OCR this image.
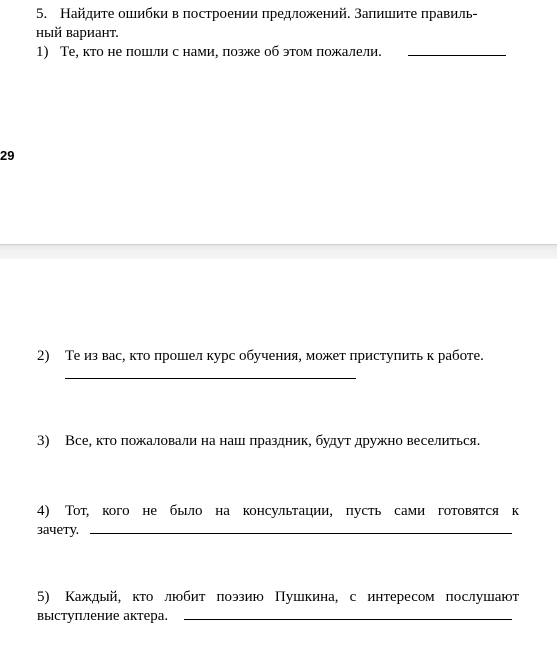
5. Найдите ошибки в построении предложений. Запишите правиль-
ный вариант.
1) Те, кто не пошли с нами, позже об этом пожалели.
29
2) Те из вас, кто прошел курс обучения, может приступить к работе.
3) Все, кто пожаловали на наш праздник, будут дружно веселиться.
4) Тот, кого не было на консультации, пусть сами готовятся к
зачету.
5) Каждый, кто любит поэзию Пушкина, с интересом послушают
выступление актера.
